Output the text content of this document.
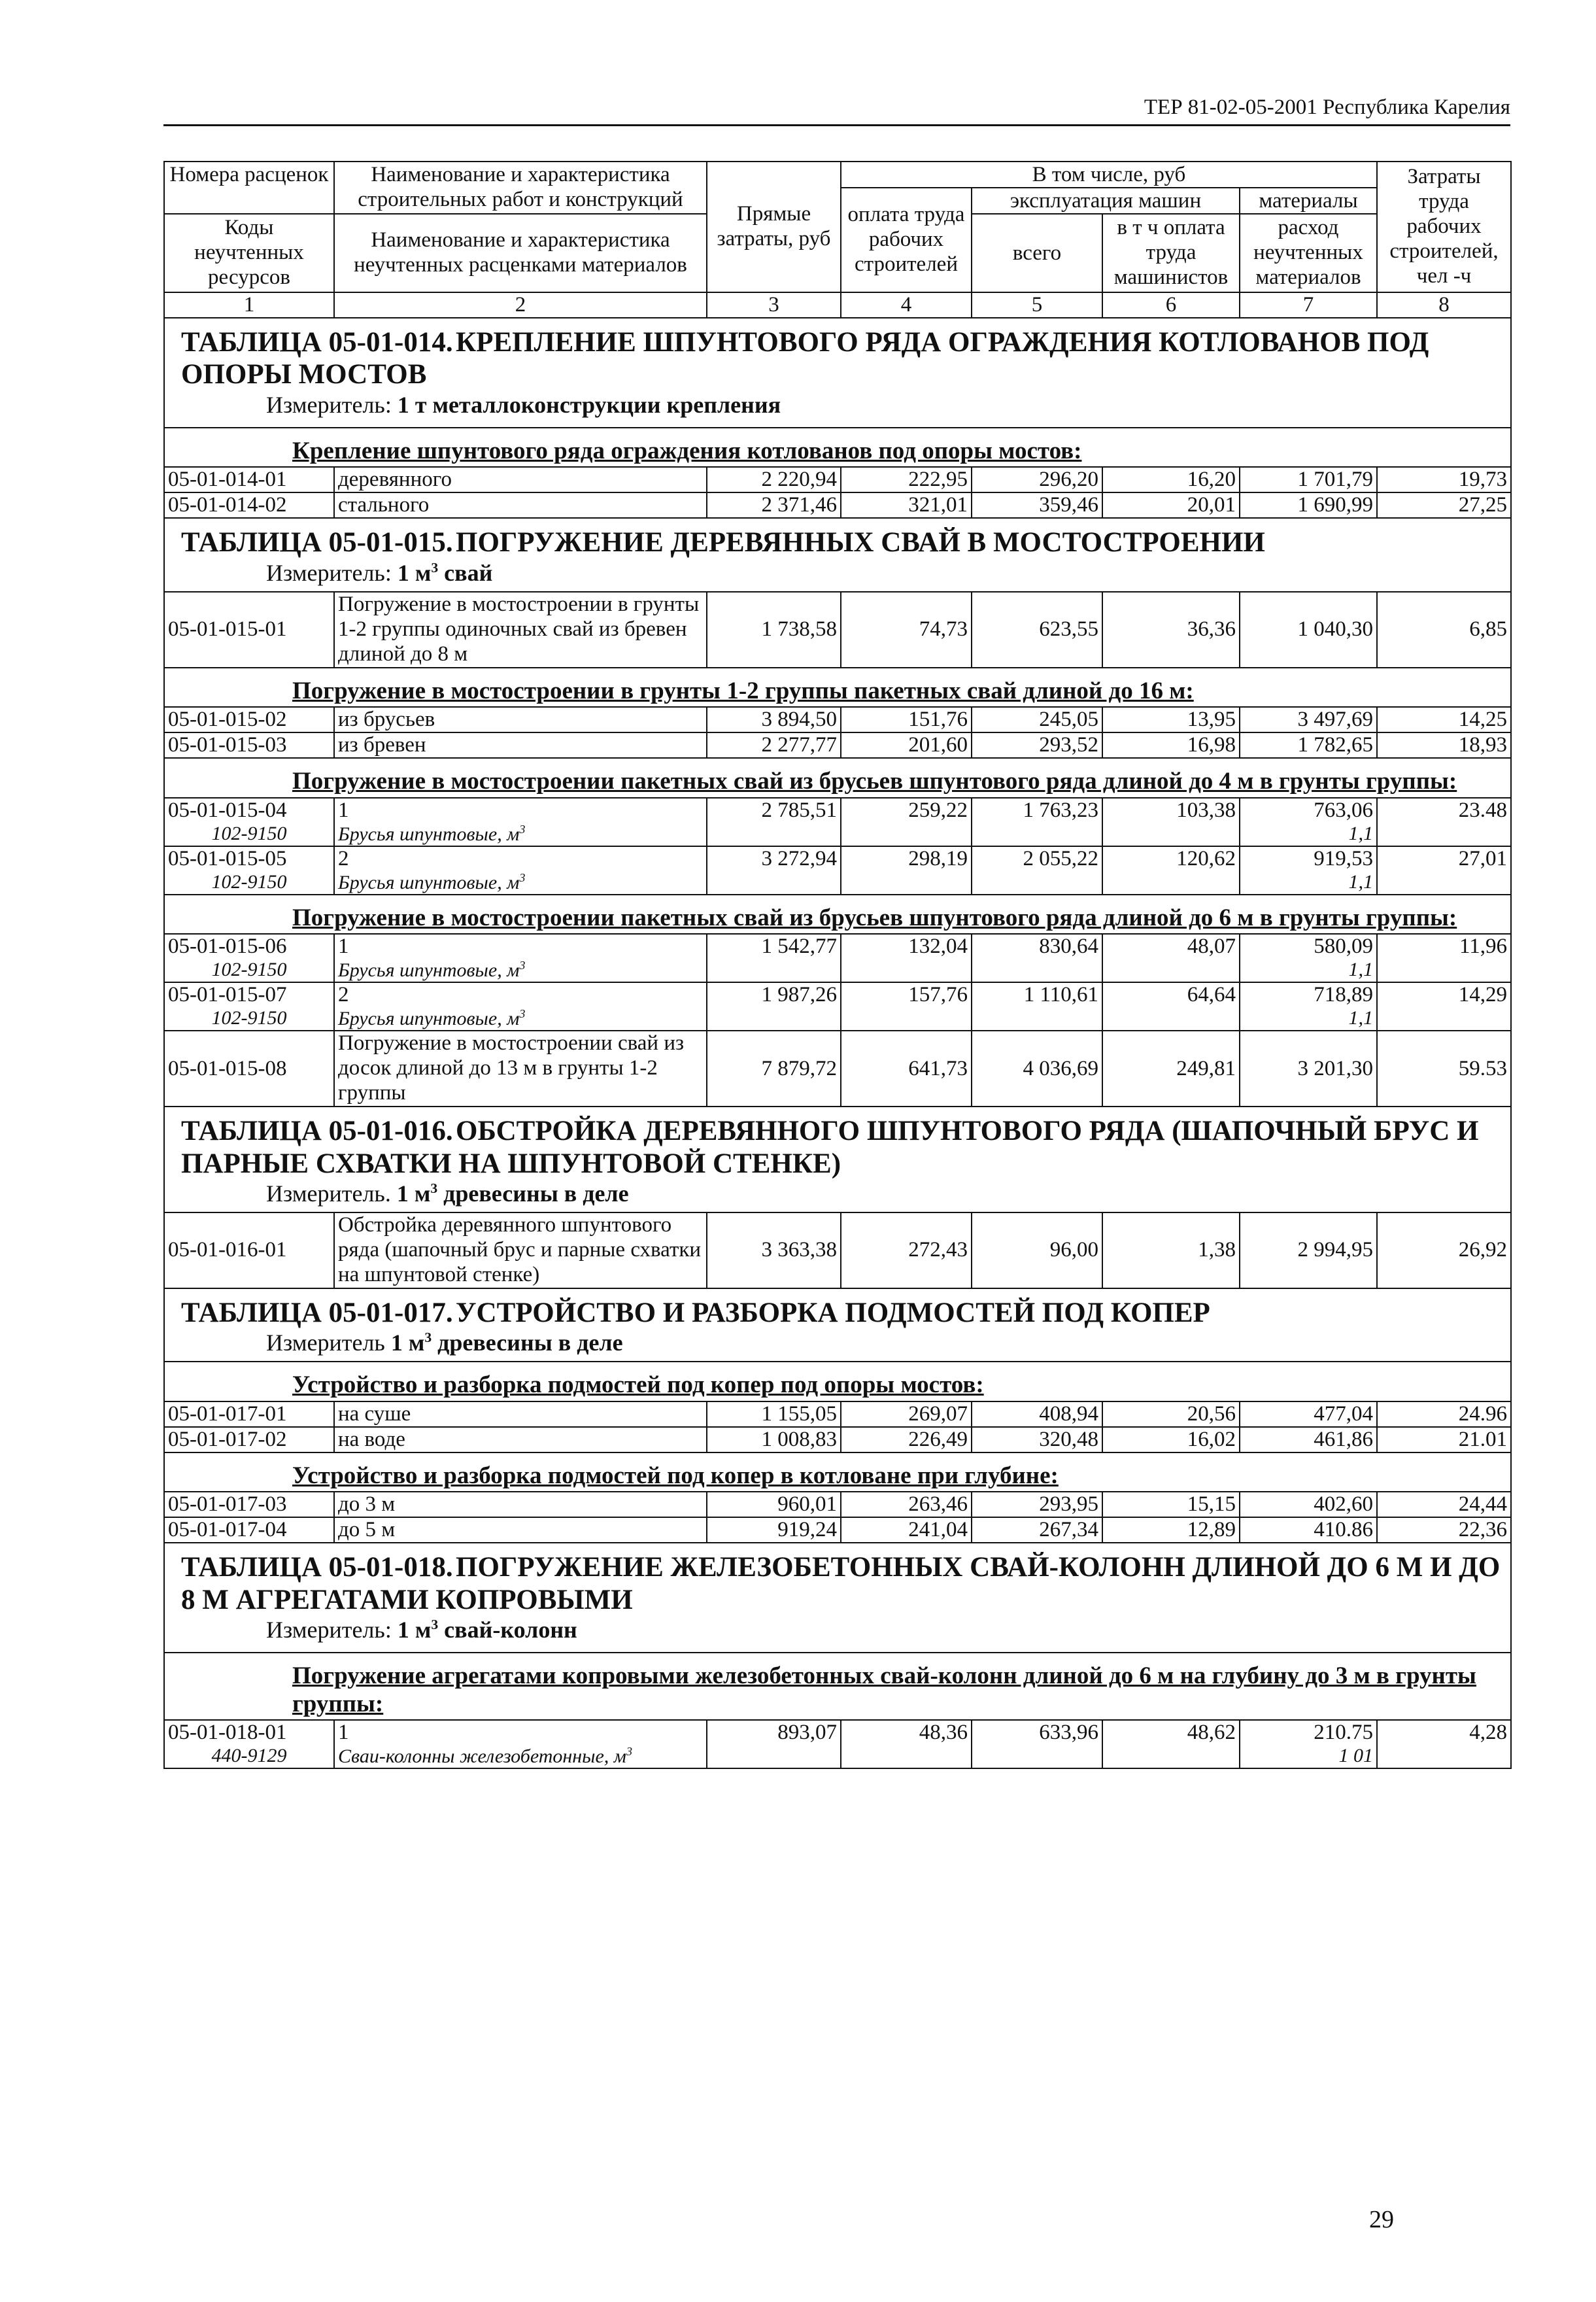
ТЕР 81-02-05-2001 Республика Карелия
Номера расценок	Наименование и характеристика строительных работ и конструкций	Прямые затраты, руб	В том числе, руб				Затраты труда рабочих строителей, чел -ч
			оплата труда рабочих строителей	эксплуатация машин		материалы	
Коды неучтенных ресурсов	Наименование и характеристика неучтенных расценками материалов			всего	в т ч оплата труда машинистов	расход неучтенных материалов	

1	2	3	4	5	6	7	8
ТАБЛИЦА 05-01-014. КРЕПЛЕНИЕ ШПУНТОВОГО РЯДА ОГРАЖДЕНИЯ КОТЛОВАНОВ ПОД ОПОРЫ МОСТОВ							
Измеритель: 1 т металлоконструкции крепления							
Крепление шпунтового ряда ограждения котлованов под опоры мостов:							
05-01-014-01	деревянного	2 220,94	222,95	296,20	16,20	1 701,79	19,73
05-01-014-02	стального	2 371,46	321,01	359,46	20,01	1 690,99	27,25
ТАБЛИЦА 05-01-015. ПОГРУЖЕНИЕ ДЕРЕВЯННЫХ СВАЙ В МОСТОСТРОЕНИИ							
Измеритель: 1 $м^3$ свай							
05-01-015-01	Погружение в мостостроении в грунты 1-2 группы одиночных свай из бревен длиной до 8 м	1 738,58	74,73	623,55	36,36	1 040,30	6,85
Погружение в мостостроении в грунты 1-2 группы пакетных свай длиной до 16 м:							
05-01-015-02	из брусьев	3 894,50	151,76	245,05	13,95	3 497,69	14,25
05-01-015-03	из бревен	2 277,77	201,60	293,52	16,98	1 782,65	18,93
Погружение в мостостроении пакетных свай из брусьев шпунтового ряда длиной до 4 м в грунты группы:							
05-01-015-04	1	2 785,51	259,22	1 763,23	103,38	763,06	23.48
102-9150	Брусья шпунтовые, $м^3$					1,1	
05-01-015-05	2	3 272,94	298,19	2 055,22	120,62	919,53	27,01
102-9150	Брусья шпунтовые, $м^3$					1,1	
Погружение в мостостроении пакетных свай из брусьев шпунтового ряда длиной до 6 м в грунты группы:							
05-01-015-06	1	1 542,77	132,04	830,64	48,07	580,09	11,96
102-9150	Брусья шпунтовые, $м^3$					1,1	
05-01-015-07	2	1 987,26	157,76	1 110,61	64,64	718,89	14,29
102-9150	Брусья шпунтовые, $м^3$					1,1	
05-01-015-08	Погружение в мостостроении свай из досок длиной до 13 м в грунты 1-2 группы	7 879,72	641,73	4 036,69	249,81	3 201,30	59.53
ТАБЛИЦА 05-01-016. ОБСТРОЙКА ДЕРЕВЯННОГО ШПУНТОВОГО РЯДА (ШАПОЧНЫЙ БРУС И ПАРНЫЕ СХВАТКИ НА ШПУНТОВОЙ СТЕНКЕ)							
Измеритель. 1 $м^3$ древесины в деле							
05-01-016-01	Обстройка деревянного шпунтового ряда (шапочный брус и парные схватки на шпунтовой стенке)	3 363,38	272,43	96,00	1,38	2 994,95	26,92
ТАБЛИЦА 05-01-017. УСТРОЙСТВО И РАЗБОРКА ПОДМОСТЕЙ ПОД КОПЕР							
Измеритель 1 $м^3$ древесины в деле							
Устройство и разборка подмостей под копер под опоры мостов:							
05-01-017-01	на суше	1 155,05	269,07	408,94	20,56	477,04	24.96
05-01-017-02	на воде	1 008,83	226,49	320,48	16,02	461,86	21.01
Устройство и разборка подмостей под копер в котловане при глубине:							
05-01-017-03	до 3 м	960,01	263,46	293,95	15,15	402,60	24,44
05-01-017-04	до 5 м	919,24	241,04	267,34	12,89	410.86	22,36
ТАБЛИЦА 05-01-018. ПОГРУЖЕНИЕ ЖЕЛЕЗОБЕТОННЫХ СВАЙ-КОЛОНН ДЛИНОЙ ДО 6 М И ДО 8 М АГРЕГАТАМИ КОПРОВЫМИ							
Измеритель: 1 $м^3$ свай-колонн							
Погружение агрегатами копровыми железобетонных свай-колонн длиной до 6 м на глубину до 3 м в грунты группы:							
05-01-018-01	1	893,07	48,36	633,96	48,62	210.75	4,28
440-9129	Сваи-колонны железобетонные, $м^3$					1 01	
29
